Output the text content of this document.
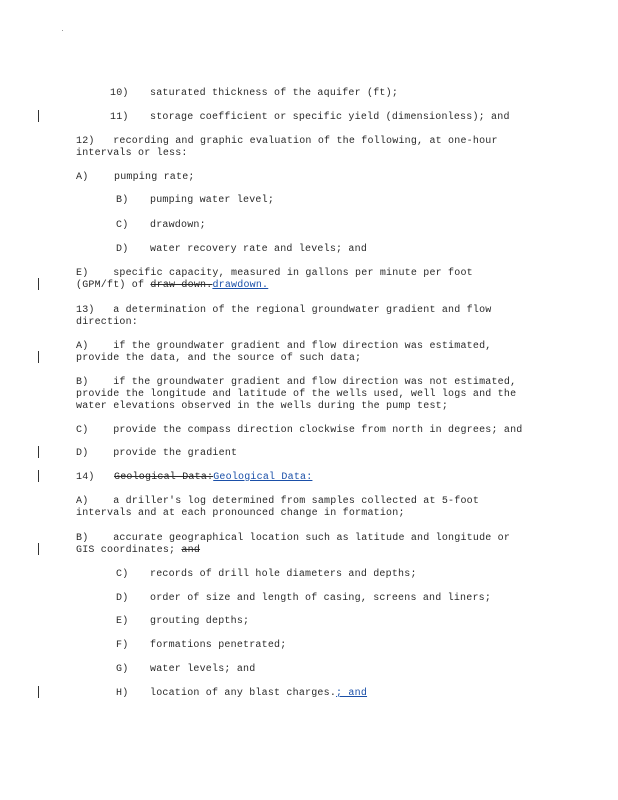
10) saturated thickness of the aquifer (ft);
11) storage coefficient or specific yield (dimensionless); and
12)   recording and graphic evaluation of the following, at one-hour
intervals or less:
A)	pumping rate;
B) pumping water level;
C) drawdown;
D) water recovery rate and levels; and
E)    specific capacity, measured in gallons per minute per foot
(GPM/ft) of draw down.drawdown.
13)   a determination of the regional groundwater gradient and flow
direction:
A)    if the groundwater gradient and flow direction was estimated,
provide the data, and the source of such data;
B)    if the groundwater gradient and flow direction was not estimated,
provide the longitude and latitude of the wells used, well logs and the
water elevations observed in the wells during the pump test;
C)    provide the compass direction clockwise from north in degrees; and
D)    provide the gradient
14) Geological Data:Geological Data:
A)    a driller's log determined from samples collected at 5-foot
intervals and at each pronounced change in formation;
B)    accurate geographical location such as latitude and longitude or
GIS coordinates; and
C) records of drill hole diameters and depths;
D) order of size and length of casing, screens and liners;
E) grouting depths;
F) formations penetrated;
G) water levels; and
H) location of any blast charges.; and
